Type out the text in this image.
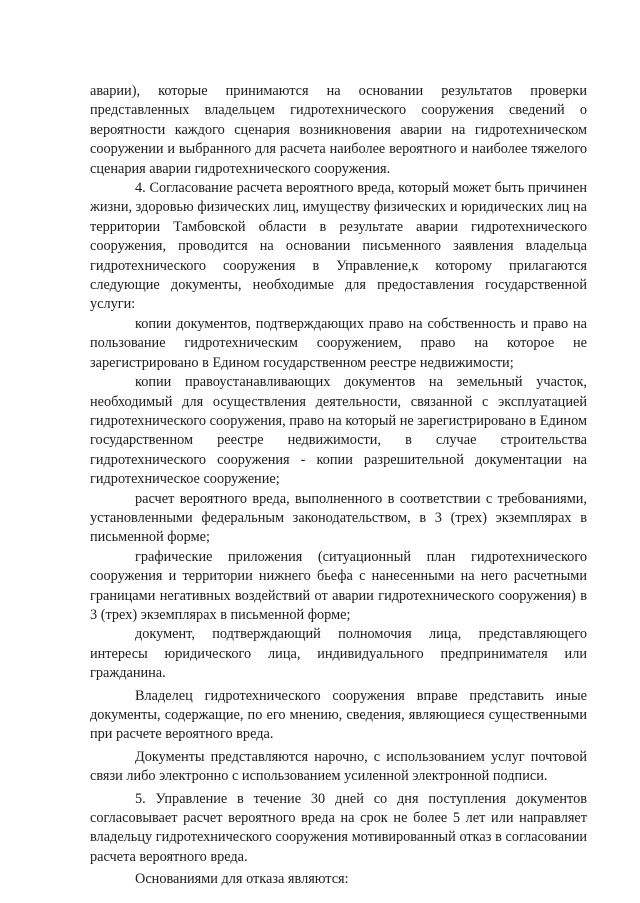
аварии), которые принимаются на основании результатов проверки представленных владельцем гидротехнического сооружения сведений о вероятности каждого сценария возникновения аварии на гидротехническом сооружении и выбранного для расчета наиболее вероятного и наиболее тяжелого сценария аварии гидротехнического сооружения.

4. Согласование расчета вероятного вреда, который может быть причинен жизни, здоровью физических лиц, имуществу физических и юридических лиц на территории Тамбовской области в результате аварии гидротехнического сооружения, проводится на основании письменного заявления владельца гидротехнического сооружения в Управление,к которому прилагаются следующие документы, необходимые для предоставления государственной услуги:

копии документов, подтверждающих право на собственность и право на пользование гидротехническим сооружением, право на которое не зарегистрировано в Едином государственном реестре недвижимости;

копии правоустанавливающих документов на земельный участок, необходимый для осуществления деятельности, связанной с эксплуатацией гидротехнического сооружения, право на который не зарегистрировано в Едином государственном реестре недвижимости, в случае строительства гидротехнического сооружения - копии разрешительной документации на гидротехническое сооружение;

расчет вероятного вреда, выполненного в соответствии с требованиями, установленными федеральным законодательством, в 3 (трех) экземплярах в письменной форме;

графические приложения (ситуационный план гидротехнического сооружения и территории нижнего бьефа с нанесенными на него расчетными границами негативных воздействий от аварии гидротехнического сооружения) в 3 (трех) экземплярах в письменной форме;

документ, подтверждающий полномочия лица, представляющего интересы юридического лица, индивидуального предпринимателя или гражданина.

Владелец гидротехнического сооружения вправе представить иные документы, содержащие, по его мнению, сведения, являющиеся существенными при расчете вероятного вреда.

Документы представляются нарочно, с использованием услуг почтовой связи либо электронно с использованием усиленной электронной подписи.

5. Управление в течение 30 дней со дня поступления документов согласовывает расчет вероятного вреда на срок не более 5 лет или направляет владельцу гидротехнического сооружения мотивированный отказ в согласовании расчета вероятного вреда.

Основаниями для отказа являются:
